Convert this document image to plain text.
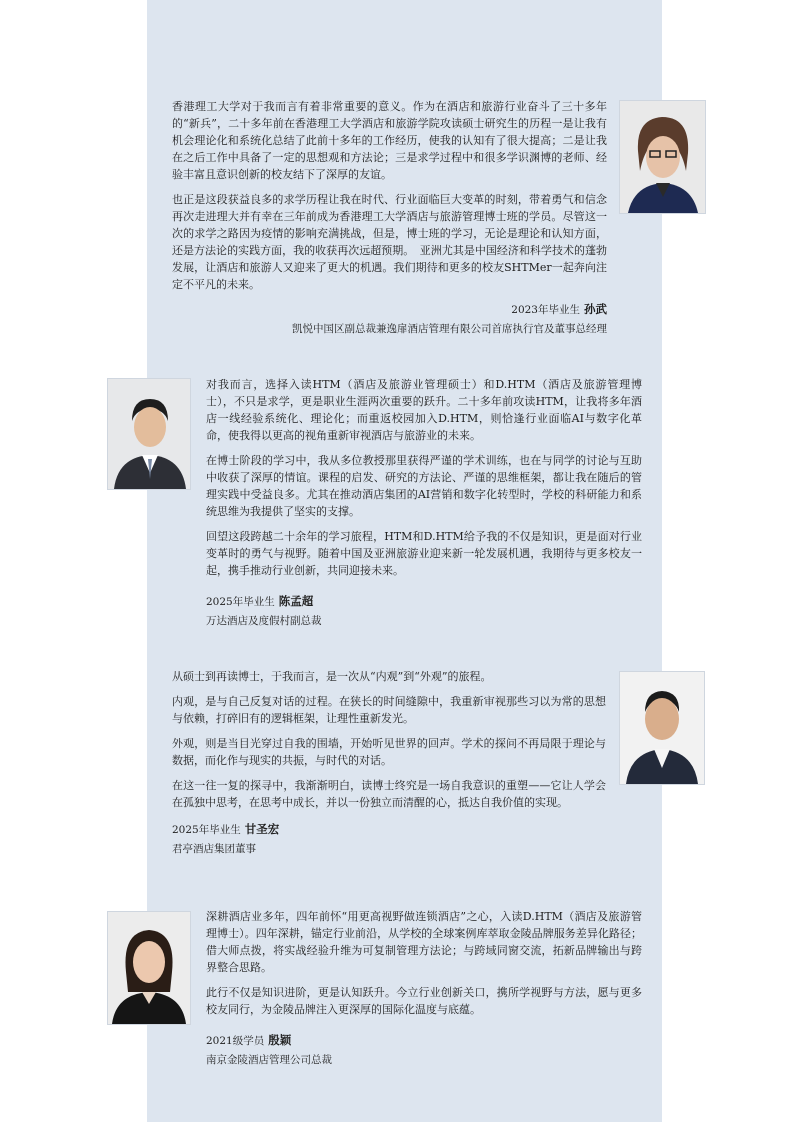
香港理工大学对于我而言有着非常重要的意义。作为在酒店和旅游行业奋斗了三十多年的“新兵”，二十多年前在香港理工大学酒店和旅游学院攻读硕士研究生的历程一是让我有机会理论化和系统化总结了此前十多年的工作经历，使我的认知有了很大提高；二是让我在之后工作中具备了一定的思想观和方法论；三是求学过程中和很多学识渊博的老师、经验丰富且意识创新的校友结下了深厚的友谊。

也正是这段获益良多的求学历程让我在时代、行业面临巨大变革的时刻，带着勇气和信念再次走进理大并有幸在三年前成为香港理工大学酒店与旅游管理博士班的学员。尽管这一次的求学之路因为疫情的影响充满挑战，但是，博士班的学习，无论是理论和认知方面，还是方法论的实践方面，我的收获再次远超预期。　亚洲尤其是中国经济和科学技术的蓬勃发展，让酒店和旅游人又迎来了更大的机遇。我们期待和更多的校友SHTMer一起奔向注定不平凡的未来。

2023年毕业生 孙武
凯悦中国区副总裁兼逸扉酒店管理有限公司首席执行官及董事总经理

对我而言，选择入读HTM（酒店及旅游业管理硕士）和D.HTM（酒店及旅游管理博士），不只是求学，更是职业生涯两次重要的跃升。二十多年前攻读HTM，让我将多年酒店一线经验系统化、理论化；而重返校园加入D.HTM，则恰逢行业面临AI与数字化革命，使我得以更高的视角重新审视酒店与旅游业的未来。

在博士阶段的学习中，我从多位教授那里获得严谨的学术训练，也在与同学的讨论与互助中收获了深厚的情谊。课程的启发、研究的方法论、严谨的思维框架，都让我在随后的管理实践中受益良多。尤其在推动酒店集团的AI营销和数字化转型时，学校的科研能力和系统思维为我提供了坚实的支撑。

回望这段跨越二十余年的学习旅程，HTM和D.HTM给予我的不仅是知识，更是面对行业变革时的勇气与视野。随着中国及亚洲旅游业迎来新一轮发展机遇，我期待与更多校友一起，携手推动行业创新，共同迎接未来。

2025年毕业生 陈孟超
万达酒店及度假村副总裁

从硕士到再读博士，于我而言，是一次从“内观”到“外观”的旅程。

内观，是与自己反复对话的过程。在狭长的时间缝隙中，我重新审视那些习以为常的思想与依赖，打碎旧有的逻辑框架，让理性重新发光。

外观，则是当目光穿过自我的围墙，开始听见世界的回声。学术的探问不再局限于理论与数据，而化作与现实的共振，与时代的对话。

在这一往一复的探寻中，我渐渐明白，读博士终究是一场自我意识的重塑——它让人学会在孤独中思考，在思考中成长，并以一份独立而清醒的心，抵达自我价值的实现。

2025年毕业生 甘圣宏
君亭酒店集团董事

深耕酒店业多年，四年前怀“用更高视野做连锁酒店”之心，入读D.HTM（酒店及旅游管理博士）。四年深耕，锚定行业前沿，从学校的全球案例库萃取金陵品牌服务差异化路径；借大师点拨，将实战经验升维为可复制管理方法论；与跨域同窗交流，拓新品牌输出与跨界整合思路。

此行不仅是知识进阶，更是认知跃升。今立行业创新关口，携所学视野与方法，愿与更多校友同行，为金陵品牌注入更深厚的国际化温度与底蕴。

2021级学员 殷颖
南京金陵酒店管理公司总裁
